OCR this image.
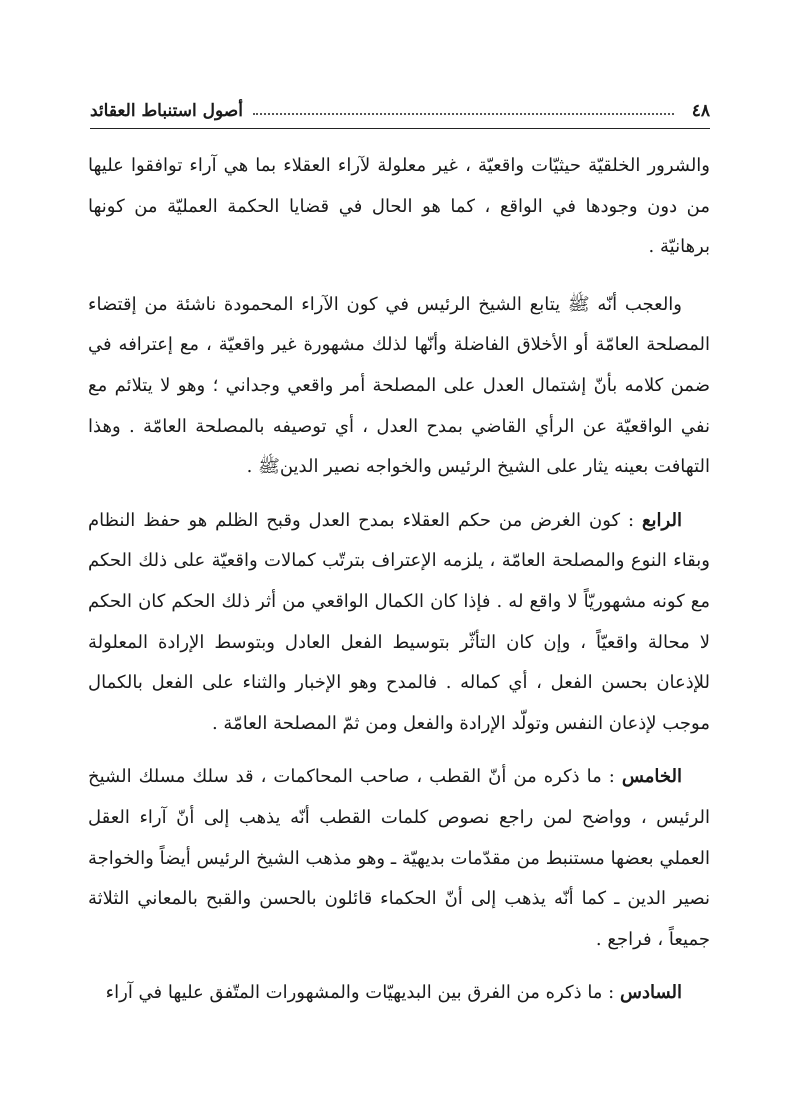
٤٨
أصول استنباط العقائد

والشرور الخلقيّة حيثيّات واقعيّة ، غير معلولة لآراء العقلاء بما هي آراء توافقوا عليها من دون وجودها في الواقع ، كما هو الحال في قضايا الحكمة العمليّة من كونها برهانيّة .

والعجب أنّه ﷺ يتابع الشيخ الرئيس في كون الآراء المحمودة ناشئة من إقتضاء المصلحة العامّة أو الأخلاق الفاضلة وأنّها لذلك مشهورة غير واقعيّة ، مع إعترافه في ضمن كلامه بأنّ إشتمال العدل على المصلحة أمر واقعي وجداني ؛ وهو لا يتلائم مع نفي الواقعيّة عن الرأي القاضي بمدح العدل ، أي توصيفه بالمصلحة العامّة . وهذا التهافت بعينه يثار على الشيخ الرئيس والخواجه نصير الدينﷺ .

الرابع : كون الغرض من حكم العقلاء بمدح العدل وقبح الظلم هو حفظ النظام وبقاء النوع والمصلحة العامّة ، يلزمه الإعتراف بترتّب كمالات واقعيّة على ذلك الحكم مع كونه مشهوريّاً لا واقع له . فإذا كان الكمال الواقعي من أثر ذلك الحكم كان الحكم لا محالة واقعيّاً ، وإن كان التأثّر بتوسيط الفعل العادل وبتوسط الإرادة المعلولة للإذعان بحسن الفعل ، أي كماله . فالمدح وهو الإخبار والثناء على الفعل بالكمال موجب لإذعان النفس وتولّد الإرادة والفعل ومن ثمّ المصلحة العامّة .

الخامس : ما ذكره من أنّ القطب ، صاحب المحاكمات ، قد سلك مسلك الشيخ الرئيس ، وواضح لمن راجع نصوص كلمات القطب أنّه يذهب إلى أنّ آراء العقل العملي بعضها مستنبط من مقدّمات بديهيّة ـ وهو مذهب الشيخ الرئيس أيضاً والخواجة نصير الدين ـ كما أنّه يذهب إلى أنّ الحكماء قائلون بالحسن والقبح بالمعاني الثلاثة جميعاً ، فراجع .

السادس : ما ذكره من الفرق بين البديهيّات والمشهورات المتّفق عليها في آراء
